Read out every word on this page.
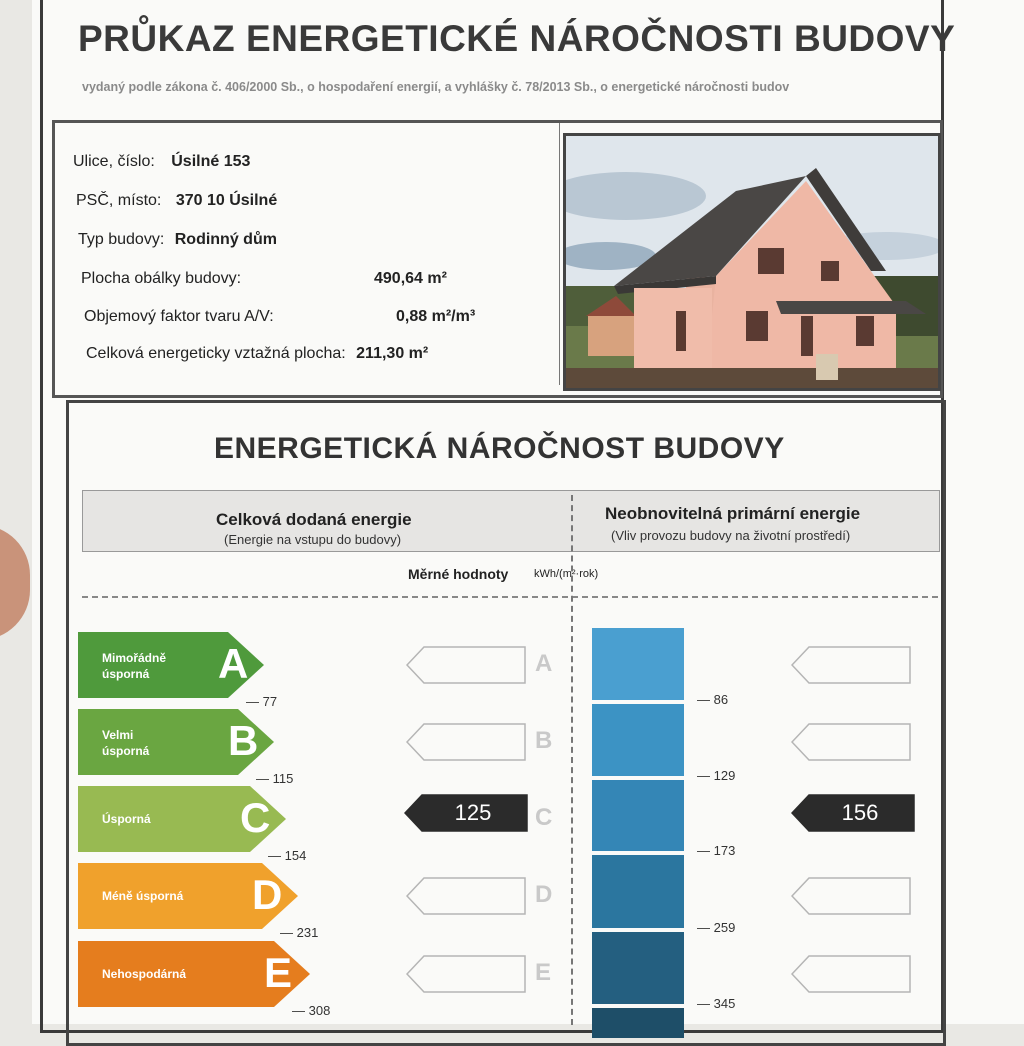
PRŮKAZ ENERGETICKÉ NÁROČNOSTI BUDOVY
vydaný podle zákona č. 406/2000 Sb., o hospodaření energií, a vyhlášky č. 78/2013 Sb., o energetické náročnosti budov
Ulice, číslo: Úsilné 153
PSČ, místo: 370 10 Úsilné
Typ budovy: Rodinný dům
Plocha obálky budovy:	490,64 m²
Objemový faktor tvaru A/V:	0,88 m²/m³
Celková energeticky vztažná plocha: 211,30 m²
ENERGETICKÁ NÁROČNOST BUDOVY
Celková dodaná energie
(Energie na vstupu do budovy)
Neobnovitelná primární energie
(Vliv provozu budovy na životní prostředí)
Měrné hodnoty kWh/(m²·rok)
Mimořádně
úsporná	A
Velmi
úsporná B
Úsporná C
Méně úsporná D
Nehospodárná E
— 77
— 115
— 154
— 231
— 308
125
A
B
C
D
E
— 86
— 129
— 173
— 259
— 345
156
